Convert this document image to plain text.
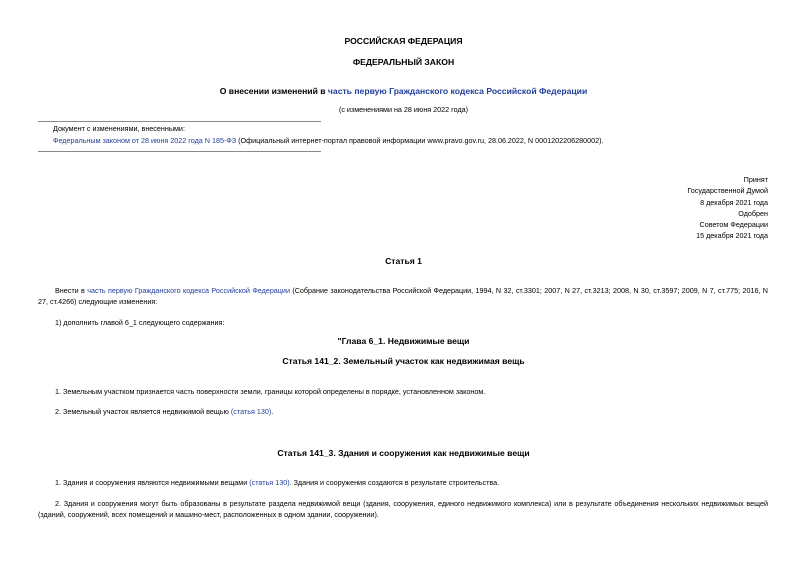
РОССИЙСКАЯ ФЕДЕРАЦИЯ
ФЕДЕРАЛЬНЫЙ ЗАКОН
О внесении изменений в часть первую Гражданского кодекса Российской Федерации
(с изменениями на 28 июня 2022 года)
Документ с изменениями, внесенными:
Федеральным законом от 28 июня 2022 года N 185-ФЗ (Официальный интернет-портал правовой информации www.pravo.gov.ru, 28.06.2022, N 0001202206280002).
Принят
Государственной Думой
8 декабря 2021 года
Одобрен
Советом Федерации
15 декабря 2021 года
Статья 1
Внести в часть первую Гражданского кодекса Российской Федерации (Собрание законодательства Российской Федерации, 1994, N 32, ст.3301; 2007, N 27, ст.3213; 2008, N 30, ст.3597; 2009, N 7, ст.775; 2016, N 27, ст.4266) следующие изменения:
1) дополнить главой 6_1 следующего содержания:
"Глава 6_1. Недвижимые вещи
Статья 141_2. Земельный участок как недвижимая вещь
1. Земельным участком признается часть поверхности земли, границы которой определены в порядке, установленном законом.
2. Земельный участок является недвижимой вещью (статья 130).
Статья 141_3. Здания и сооружения как недвижимые вещи
1. Здания и сооружения являются недвижимыми вещами (статья 130). Здания и сооружения создаются в результате строительства.
2. Здания и сооружения могут быть образованы в результате раздела недвижимой вещи (здания, сооружения, единого недвижимого комплекса) или в результате объединения нескольких недвижимых вещей (зданий, сооружений, всех помещений и машино-мест, расположенных в одном здании, сооружении).
